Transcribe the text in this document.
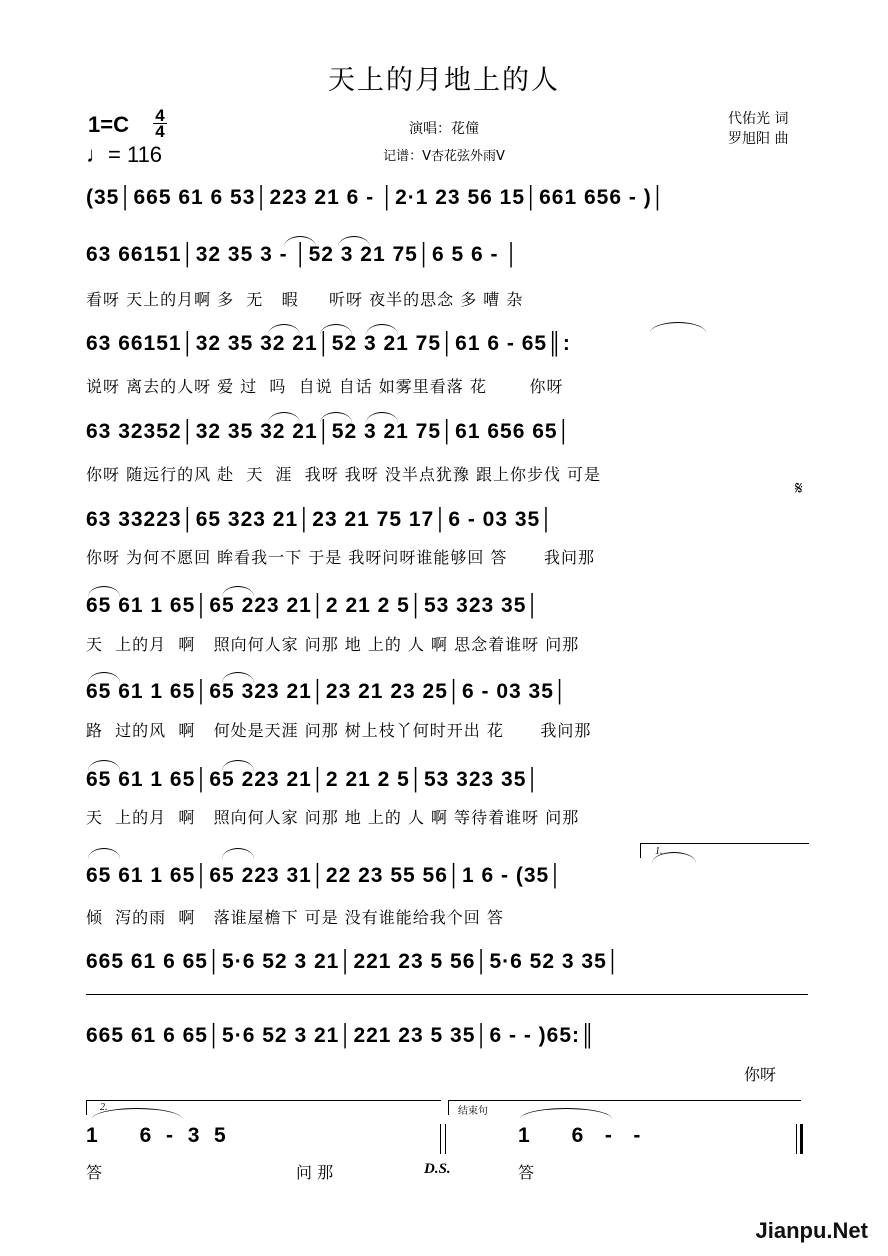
天上的月地上的人
1=C 4
4
♩= 116
演唱：花僮
记谱：V杏花弦外雨V
代佑光 词
罗旭阳 曲
(35│665 61 6 53│223 21 6 - │2·1 23 56 15│661 656 - )│
63 66151│32 35 3 - │52 3 21 75│6 5 6 - │
看呀 天上的月啊 多  无   暇     听呀 夜半的思念 多 嘈 杂
63 66151│32 35 32 21│52 3 21 75│61 6 - 65║:
说呀 离去的人呀 爱 过  吗  自说 自话 如雾里看落 花       你呀
63 32352│32 35 32 21│52 3 21 75│61 656 65│
你呀 随远行的风 赴  天  涯  我呀 我呀 没半点犹豫 跟上你步伐 可是
𝄋
63 33223│65 323 21│23 21 75 17│6 - 03 35│
你呀 为何不愿回 眸看我一下 于是 我呀问呀谁能够回 答      我问那
65 61 1 65│65 223 21│2 21 2 5│53 323 35│
天  上的月  啊   照向何人家 问那 地 上的 人 啊 思念着谁呀 问那
65 61 1 65│65 323 21│23 21 23 25│6 - 03 35│
路  过的风  啊   何处是天涯 问那 树上枝丫何时开出 花      我问那
65 61 1 65│65 223 21│2 21 2 5│53 323 35│
天  上的月  啊   照向何人家 问那 地 上的 人 啊 等待着谁呀 问那
1.
65 61 1 65│65 223 31│22 23 55 56│1 6 - (35│
倾  泻的雨  啊   落谁屋檐下 可是 没有谁能给我个回 答
665 61 6 65│5·6 52 3 21│221 23 5 56│5·6 52 3 35│
665 61 6 65│5·6 52 3 21│221 23 5 35│6 - - )65:║
你呀
2.	结束句
1      6  -  3  5	1      6   -   -
答	问 那	D.S.	答
Jianpu.Net
